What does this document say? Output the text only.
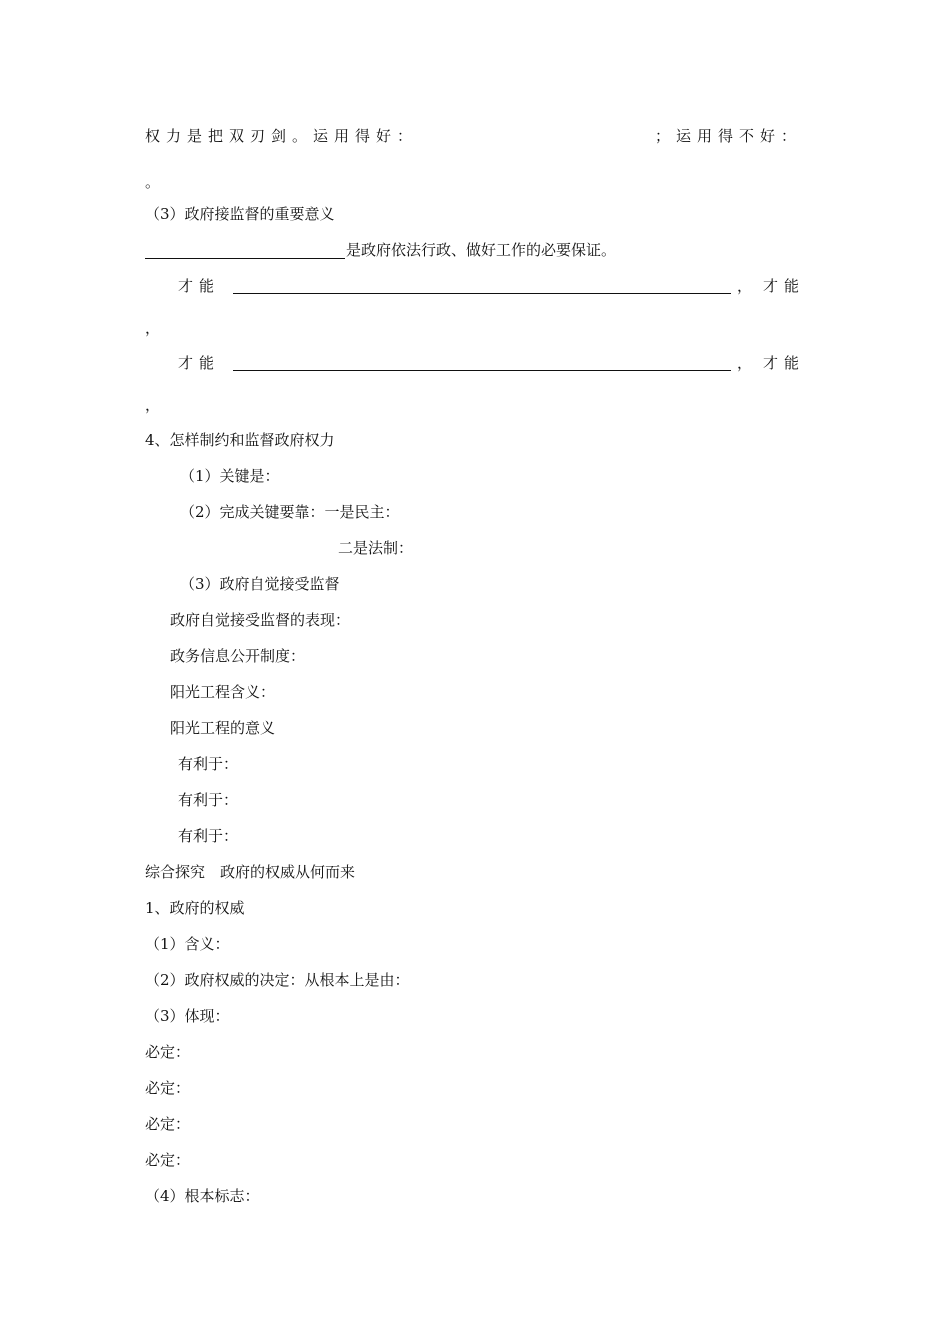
权力是把双刃剑。运用得好：	；运用得不好：
。
（3）政府接监督的重要意义
是政府依法行政、做好工作的必要保证。
才能	， 才能
，
才能	， 才能
，
4、怎样制约和监督政府权力
（1）关键是：
（2）完成关键要靠：一是民主：
二是法制：
（3）政府自觉接受监督
政府自觉接受监督的表现：
政务信息公开制度：
阳光工程含义：
阳光工程的意义
有利于：
有利于：
有利于：
综合探究　政府的权威从何而来
1、政府的权威
（1）含义：
（2）政府权威的决定：从根本上是由：
（3）体现：
必定：
必定：
必定：
必定：
（4）根本标志：
